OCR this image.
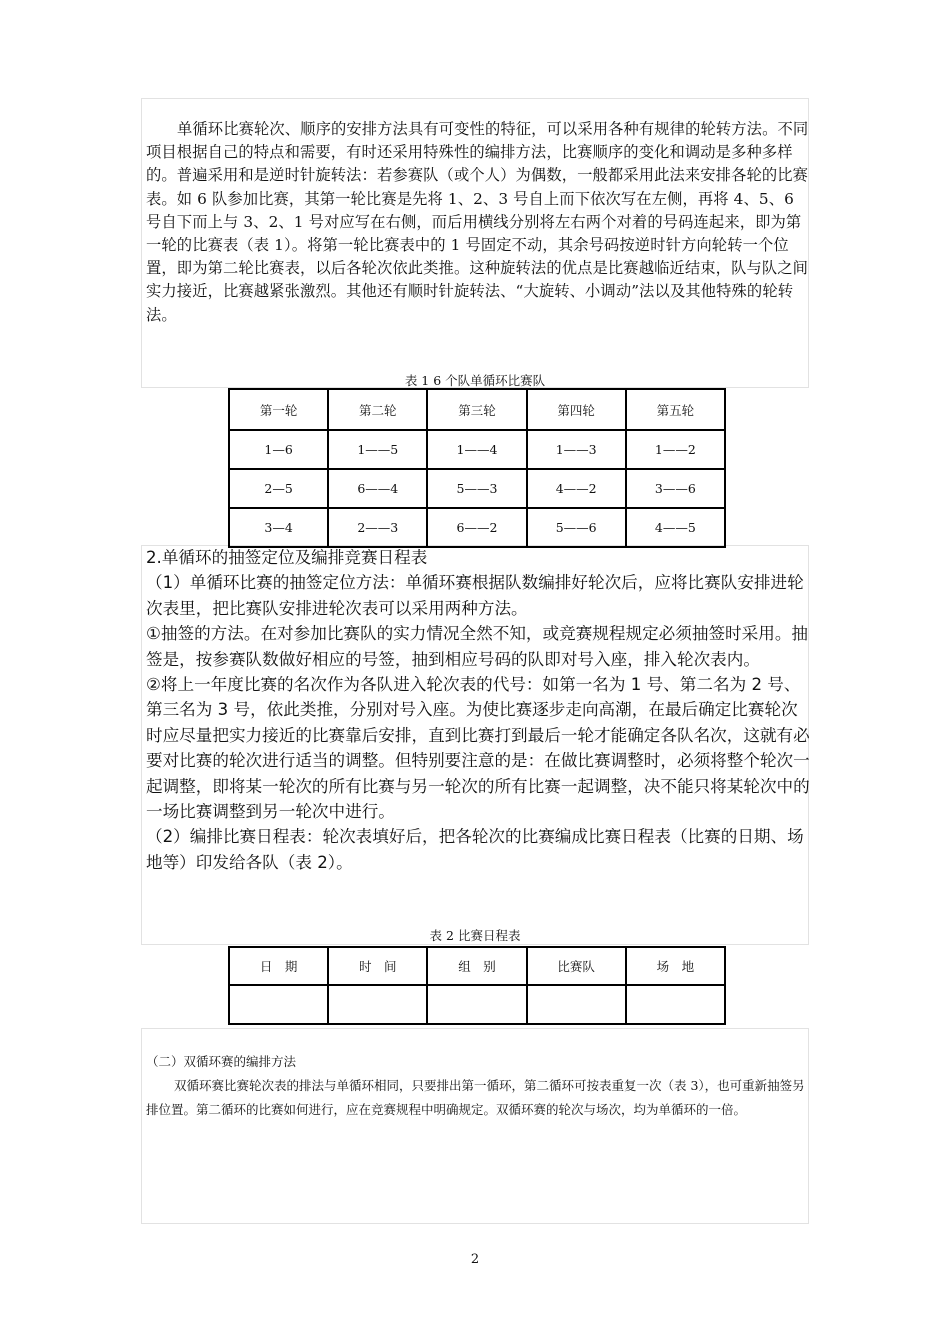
单循环比赛轮次、顺序的安排方法具有可变性的特征，可以采用各种有规律的轮转方法。不同项目根据自己的特点和需要，有时还采用特殊性的编排方法，比赛顺序的变化和调动是多种多样的。普遍采用和是逆时针旋转法：若参赛队（或个人）为偶数，一般都采用此法来安排各轮的比赛表。如 6 队参加比赛，其第一轮比赛是先将 1、2、3 号自上而下依次写在左侧，再将 4、5、6 号自下而上与 3、2、1 号对应写在右侧，而后用横线分别将左右两个对着的号码连起来，即为第一轮的比赛表（表 1）。将第一轮比赛表中的 1 号固定不动，其余号码按逆时针方向轮转一个位置，即为第二轮比赛表，以后各轮次依此类推。这种旋转法的优点是比赛越临近结束，队与队之间实力接近，比赛越紧张激烈。其他还有顺时针旋转法、“大旋转、小调动”法以及其他特殊的轮转法。
表 1 6 个队单循环比赛队
第一轮	第二轮	第三轮	第四轮	第五轮
1—6	1——5	1——4	1——3	1——2
2—5	6——4	5——3	4——2	3——6
3—4	2——3	6——2	5——6	4——5

2.单循环的抽签定位及编排竞赛日程表

（1）单循环比赛的抽签定位方法：单循环赛根据队数编排好轮次后，应将比赛队安排进轮次表里，把比赛队安排进轮次表可以采用两种方法。

①抽签的方法。在对参加比赛队的实力情况全然不知，或竞赛规程规定必须抽签时采用。抽签是，按参赛队数做好相应的号签，抽到相应号码的队即对号入座，排入轮次表内。

②将上一年度比赛的名次作为各队进入轮次表的代号：如第一名为 1 号、第二名为 2 号、第三名为 3 号，依此类推，分别对号入座。为使比赛逐步走向高潮，在最后确定比赛轮次时应尽量把实力接近的比赛靠后安排，直到比赛打到最后一轮才能确定各队名次，这就有必要对比赛的轮次进行适当的调整。但特别要注意的是：在做比赛调整时，必须将整个轮次一起调整，即将某一轮次的所有比赛与另一轮次的所有比赛一起调整，决不能只将某轮次中的一场比赛调整到另一轮次中进行。

（2）编排比赛日程表：轮次表填好后，把各轮次的比赛编成比赛日程表（比赛的日期、场地等）印发给各队（表 2）。

表 2 比赛日程表
日　期	时　间	组　别	比赛队	场　地

（二）双循环赛的编排方法

双循环赛比赛轮次表的排法与单循环相同，只要排出第一循环，第二循环可按表重复一次（表 3），也可重新抽签另排位置。第二循环的比赛如何进行，应在竞赛规程中明确规定。双循环赛的轮次与场次，均为单循环的一倍。

2
